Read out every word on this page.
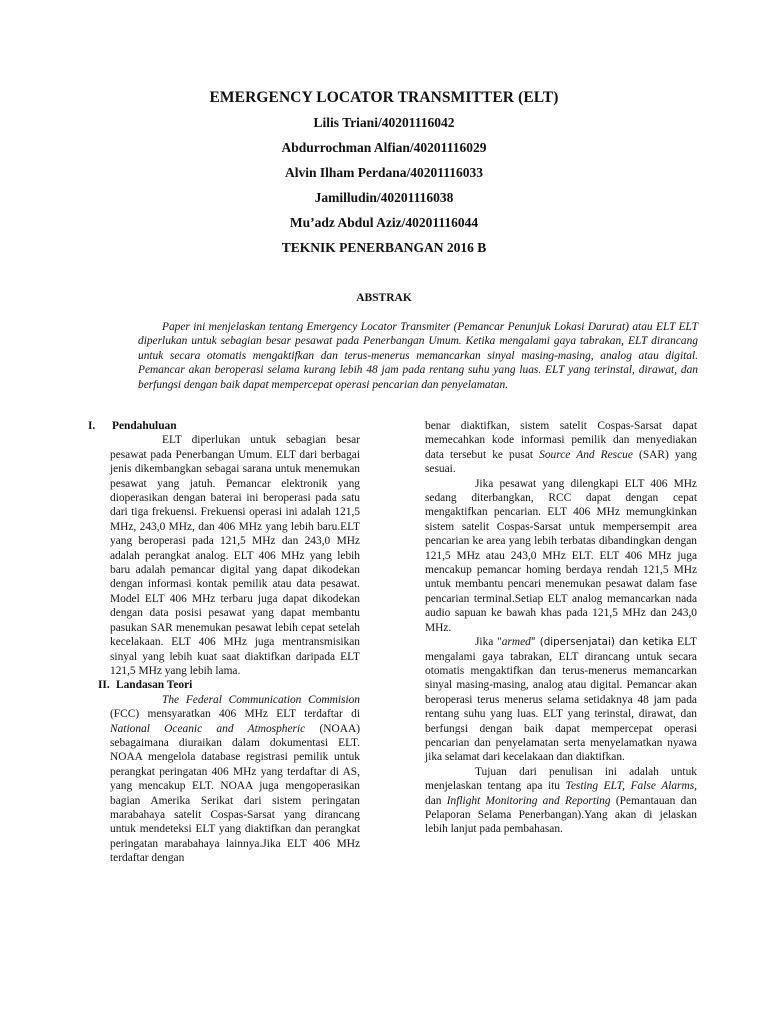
EMERGENCY LOCATOR TRANSMITTER (ELT)
Lilis Triani/40201116042
Abdurrochman Alfian/40201116029
Alvin Ilham Perdana/40201116033
Jamilludin/40201116038
Mu’adz Abdul Aziz/40201116044
TEKNIK PENERBANGAN 2016 B
ABSTRAK
Paper ini menjelaskan tentang Emergency Locator Transmiter (Pemancar Penunjuk Lokasi Darurat) atau ELT ELT diperlukan untuk sebagian besar pesawat pada Penerbangan Umum. Ketika mengalami gaya tabrakan, ELT dirancang untuk secara otomatis mengaktifkan dan terus-menerus memancarkan sinyal masing-masing, analog atau digital. Pemancar akan beroperasi selama kurang lebih 48 jam pada rentang suhu yang luas. ELT yang terinstal, dirawat, dan berfungsi dengan baik dapat mempercepat operasi pencarian dan penyelamatan.
I. Pendahuluan

ELT diperlukan untuk sebagian besar pesawat pada Penerbangan Umum. ELT dari berbagai jenis dikembangkan sebagai sarana untuk menemukan pesawat yang jatuh. Pemancar elektronik yang dioperasikan dengan baterai ini beroperasi pada satu dari tiga frekuensi. Frekuensi operasi ini adalah 121,5 MHz, 243,0 MHz, dan 406 MHz yang lebih baru.ELT yang beroperasi pada 121,5 MHz dan 243,0 MHz adalah perangkat analog. ELT 406 MHz yang lebih baru adalah pemancar digital yang dapat dikodekan dengan informasi kontak pemilik atau data pesawat. Model ELT 406 MHz terbaru juga dapat dikodekan dengan data posisi pesawat yang dapat membantu pasukan SAR menemukan pesawat lebih cepat setelah kecelakaan. ELT 406 MHz juga mentransmisikan sinyal yang lebih kuat saat diaktifkan daripada ELT 121,5 MHz yang lebih lama.

II. Landasan Teori

The Federal Communication Commision (FCC) mensyaratkan 406 MHz ELT terdaftar di National Oceanic and Atmospheric (NOAA) sebagaimana diuraikan dalam dokumentasi ELT. NOAA mengelola database registrasi pemilik untuk perangkat peringatan 406 MHz yang terdaftar di AS, yang mencakup ELT. NOAA juga mengoperasikan bagian Amerika Serikat dari sistem peringatan marabahaya satelit Cospas-Sarsat yang dirancang untuk mendeteksi ELT yang diaktifkan dan perangkat peringatan marabahaya lainnya.Jika ELT 406 MHz terdaftar dengan

benar diaktifkan, sistem satelit Cospas-Sarsat dapat memecahkan kode informasi pemilik dan menyediakan data tersebut ke pusat Source And Rescue (SAR) yang sesuai.

Jika pesawat yang dilengkapi ELT 406 MHz sedang diterbangkan, RCC dapat dengan cepat mengaktifkan pencarian. ELT 406 MHz memungkinkan sistem satelit Cospas-Sarsat untuk mempersempit area pencarian ke area yang lebih terbatas dibandingkan dengan 121,5 MHz atau 243,0 MHz ELT. ELT 406 MHz juga mencakup pemancar homing berdaya rendah 121,5 MHz untuk membantu pencari menemukan pesawat dalam fase pencarian terminal.Setiap ELT analog memancarkan nada audio sapuan ke bawah khas pada 121,5 MHz dan 243,0 MHz.

Jika "armed" (dipersenjatai) dan ketika ELT mengalami gaya tabrakan, ELT dirancang untuk secara otomatis mengaktifkan dan terus-menerus memancarkan sinyal masing-masing, analog atau digital. Pemancar akan beroperasi terus menerus selama setidaknya 48 jam pada rentang suhu yang luas. ELT yang terinstal, dirawat, dan berfungsi dengan baik dapat mempercepat operasi pencarian dan penyelamatan serta menyelamatkan nyawa jika selamat dari kecelakaan dan diaktifkan.

Tujuan dari penulisan ini adalah untuk menjelaskan tentang apa itu Testing ELT, False Alarms, dan Inflight Monitoring and Reporting (Pemantauan dan Pelaporan Selama Penerbangan).Yang akan di jelaskan lebih lanjut pada pembahasan.
